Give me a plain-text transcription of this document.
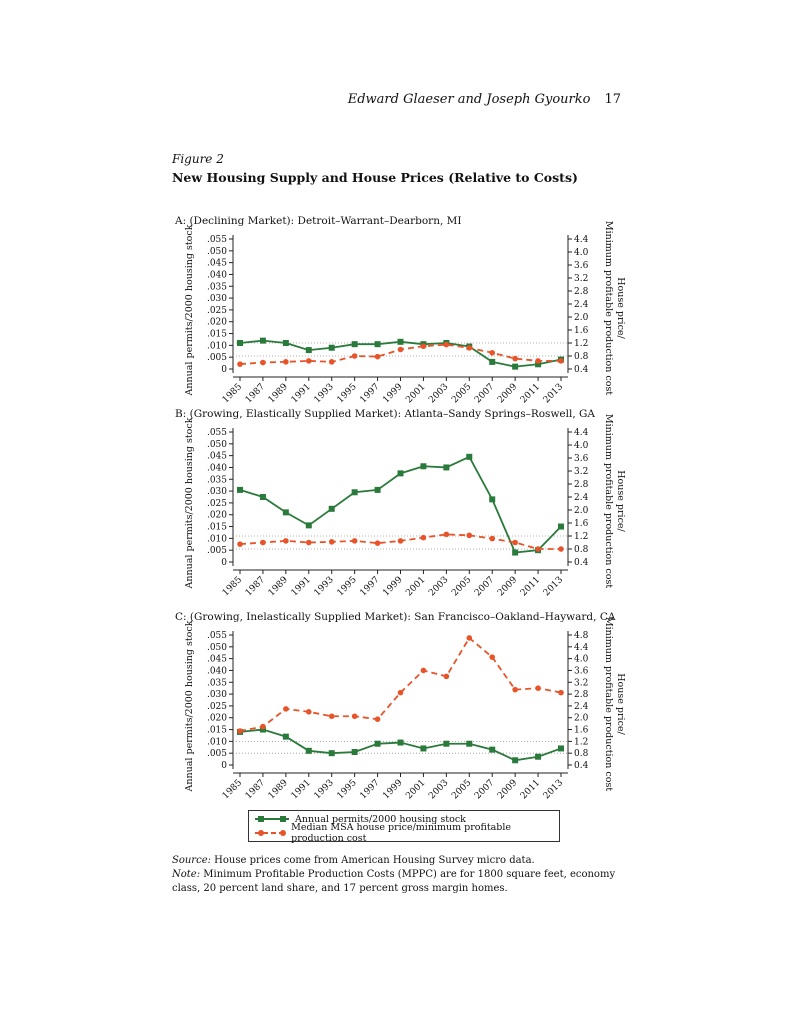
Edward Glaeser and Joseph Gyourko 17
Figure 2
New Housing Supply and House Prices (Relative to Costs)
A: (Declining Market): Detroit–Warrant–Dearborn, MI
B: (Growing, Elastically Supplied Market): Atlanta–Sandy Springs–Roswell, GA
C: (Growing, Inelastically Supplied Market): San Francisco–Oakland–Hayward, CA
0
.005
.010
.015
.020
.025
.030
.035
.040
.045
.050
.055
0.4
0.8
1.2
1.6
2.0
2.4
2.8
3.2
3.6
4.0
4.4
1985 1987 1989 1991 1993 1995 1997 1999 2001 2003 2005 2007 2009 2011 2013
Annual permits/2000 housing stock	House price/Minimum profitable production cost
0
.005
.010
.015
.020
.025
.030
.035
.040
.045
.050
.055
0.4
0.8
1.2
1.6
2.0
2.4
2.8
3.2
3.6
4.0
4.4
1985 1987 1989 1991 1993 1995 1997 1999 2001 2003 2005 2007 2009 2011 2013
Annual permits/2000 housing stock	House price/Minimum profitable production cost
0
.005
.010
.015
.020
.025
.030
.035
.040
.045
.050
.055
0.4
0.8
1.2
1.6
2.0
2.4
2.8
3.2
3.6
4.0
4.4
4.8
1985 1987 1989 1991 1993 1995 1997 1999 2001 2003 2005 2007 2009 2011 2013
Annual permits/2000 housing stock	House price/Minimum profitable production cost
Annual permits/2000 housing stock
Median MSA house price/minimum profitable production cost
Source: House prices come from American Housing Survey micro data.
Note: Minimum Profitable Production Costs (MPPC) are for 1800 square feet, economy class, 20 percent land share, and 17 percent gross margin homes.
